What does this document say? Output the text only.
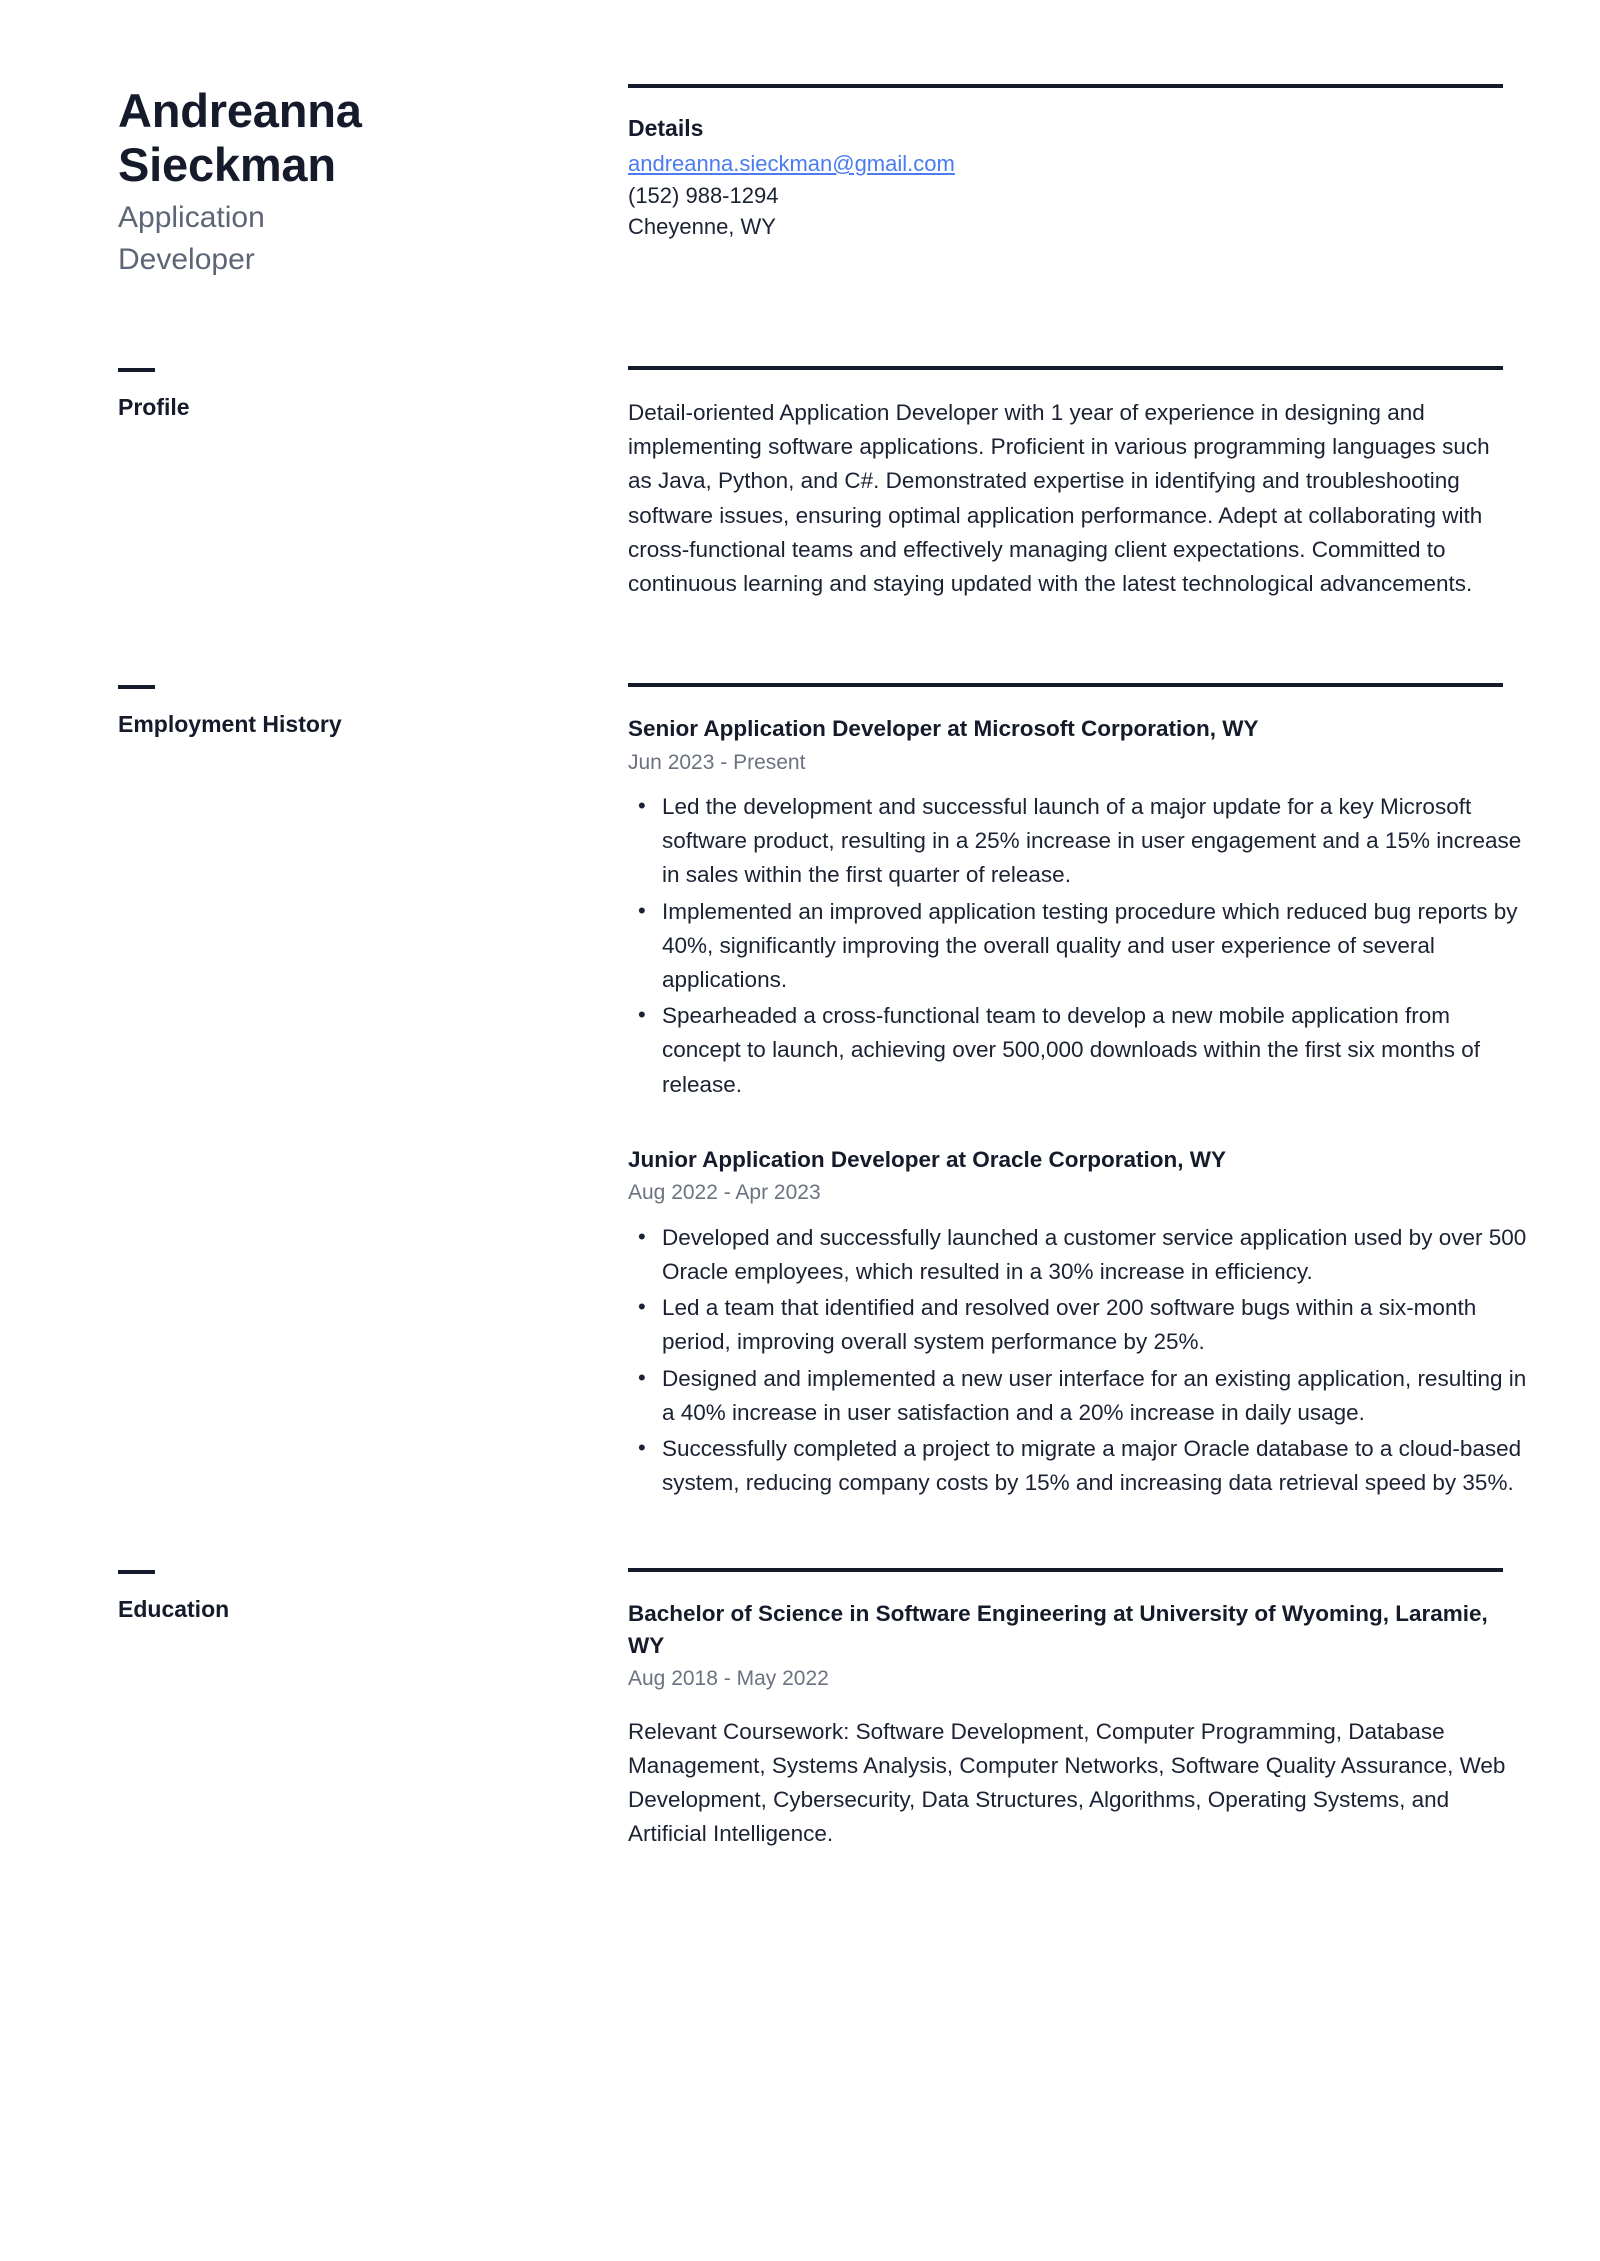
Andreanna
Sieckman

Application
Developer

Details
andreanna.sieckman@gmail.com
(152) 988-1294
Cheyenne, WY
Profile	Detail-oriented Application Developer with 1 year of experience in designing and implementing software applications. Proficient in various programming languages such as Java, Python, and C#. Demonstrated expertise in identifying and troubleshooting software issues, ensuring optimal application performance. Adept at collaborating with cross-functional teams and effectively managing client expectations. Committed to continuous learning and staying updated with the latest technological advancements.

Employment History	Senior Application Developer at Microsoft Corporation, WY

Jun 2023 - Present

• Led the development and successful launch of a major update for a key Microsoft software product, resulting in a 25% increase in user engagement and a 15% increase in sales within the first quarter of release.
• Implemented an improved application testing procedure which reduced bug reports by 40%, significantly improving the overall quality and user experience of several applications.
• Spearheaded a cross-functional team to develop a new mobile application from concept to launch, achieving over 500,000 downloads within the first six months of release.
Junior Application Developer at Oracle Corporation, WY

Aug 2022 - Apr 2023

• Developed and successfully launched a customer service application used by over 500 Oracle employees, which resulted in a 30% increase in efficiency.
• Led a team that identified and resolved over 200 software bugs within a six-month period, improving overall system performance by 25%.
• Designed and implemented a new user interface for an existing application, resulting in a 40% increase in user satisfaction and a 20% increase in daily usage.
• Successfully completed a project to migrate a major Oracle database to a cloud-based system, reducing company costs by 15% and increasing data retrieval speed by 35%.
Education	Bachelor of Science in Software Engineering at University of Wyoming, Laramie, WY

Aug 2018 - May 2022

Relevant Coursework: Software Development, Computer Programming, Database Management, Systems Analysis, Computer Networks, Software Quality Assurance, Web Development, Cybersecurity, Data Structures, Algorithms, Operating Systems, and Artificial Intelligence.
